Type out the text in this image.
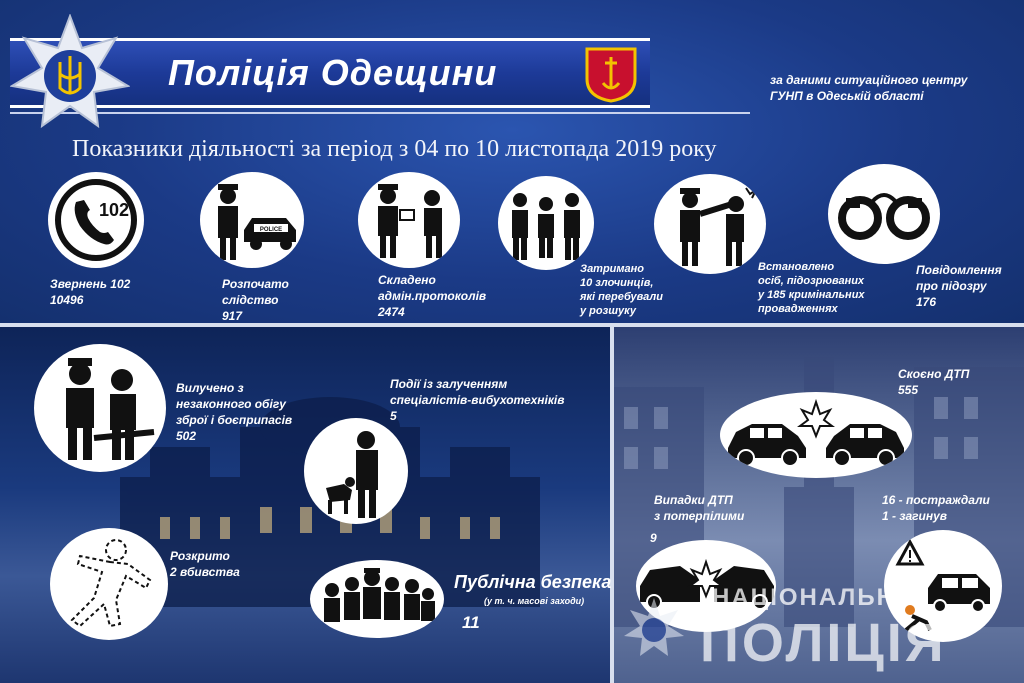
Поліція Одещини	за даними ситуаційного центру
ГУНП в Одеській області
Показники діяльності за період з 04 по 10 листопада 2019 року
102
Звернень 102
10496
POLICE
Розпочато
слідство
917
Складено
адмін.протоколів
2474
Затримано
10 злочинців,
які перебували
у розшуку
Встановлено
осіб, підозрюваних
у 185 кримінальних
провадженнях
Повідомлення
про підозру
176
Вилучено з
незаконного обігу
зброї і боєприпасів
502
Події із залученням
спеціалістів-вибухотехніків
5
Розкрито
2 вбивства	Публічна безпека
(у т. ч. масові заходи)
11
Скоєно ДТП
555
Випадки ДТП
з потерпілими
9
16 - постраждали
1 - загинув
НАЦІОНАЛЬНА
ПОЛІЦІЯ
